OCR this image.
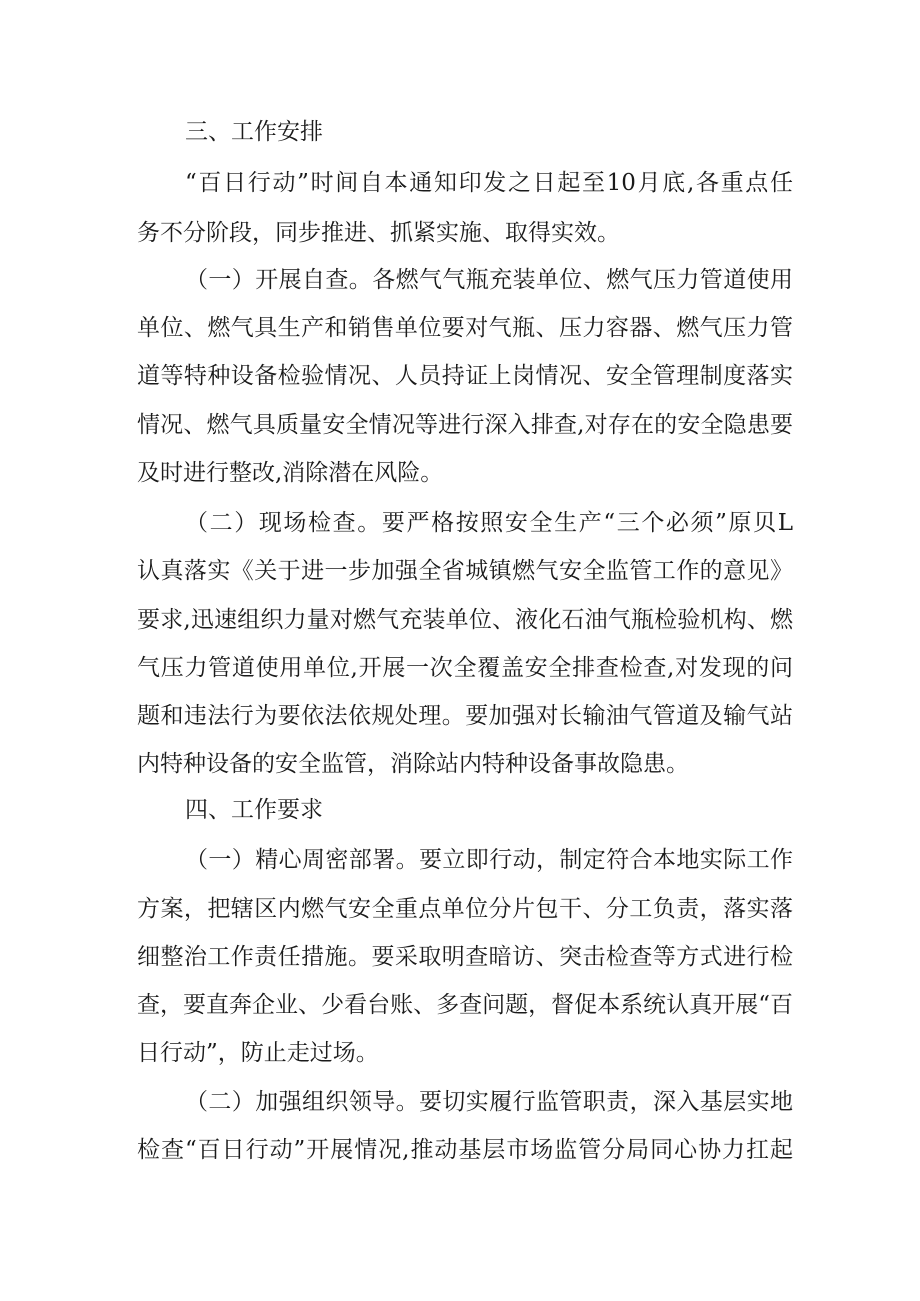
三、工作安排
“百日行动”时间自本通知印发之日起至10月底,各重点任
务不分阶段，同步推进、抓紧实施、取得实效。
（一）开展自查。各燃气气瓶充装单位、燃气压力管道使用
单位、燃气具生产和销售单位要对气瓶、压力容器、燃气压力管
道等特种设备检验情况、人员持证上岗情况、安全管理制度落实
情况、燃气具质量安全情况等进行深入排查,对存在的安全隐患要
及时进行整改,消除潜在风险。
（二）现场检查。要严格按照安全生产“三个必须”原贝L
认真落实《关于进一步加强全省城镇燃气安全监管工作的意见》
要求,迅速组织力量对燃气充装单位、液化石油气瓶检验机构、燃
气压力管道使用单位,开展一次全覆盖安全排查检查,对发现的问
题和违法行为要依法依规处理。要加强对长输油气管道及输气站
内特种设备的安全监管，消除站内特种设备事故隐患。
四、工作要求
（一）精心周密部署。要立即行动，制定符合本地实际工作
方案，把辖区内燃气安全重点单位分片包干、分工负责，落实落
细整治工作责任措施。要采取明查暗访、突击检查等方式进行检
查，要直奔企业、少看台账、多查问题，督促本系统认真开展“百
日行动”，防止走过场。
（二）加强组织领导。要切实履行监管职责，深入基层实地
检查“百日行动”开展情况,推动基层市场监管分局同心协力扛起
